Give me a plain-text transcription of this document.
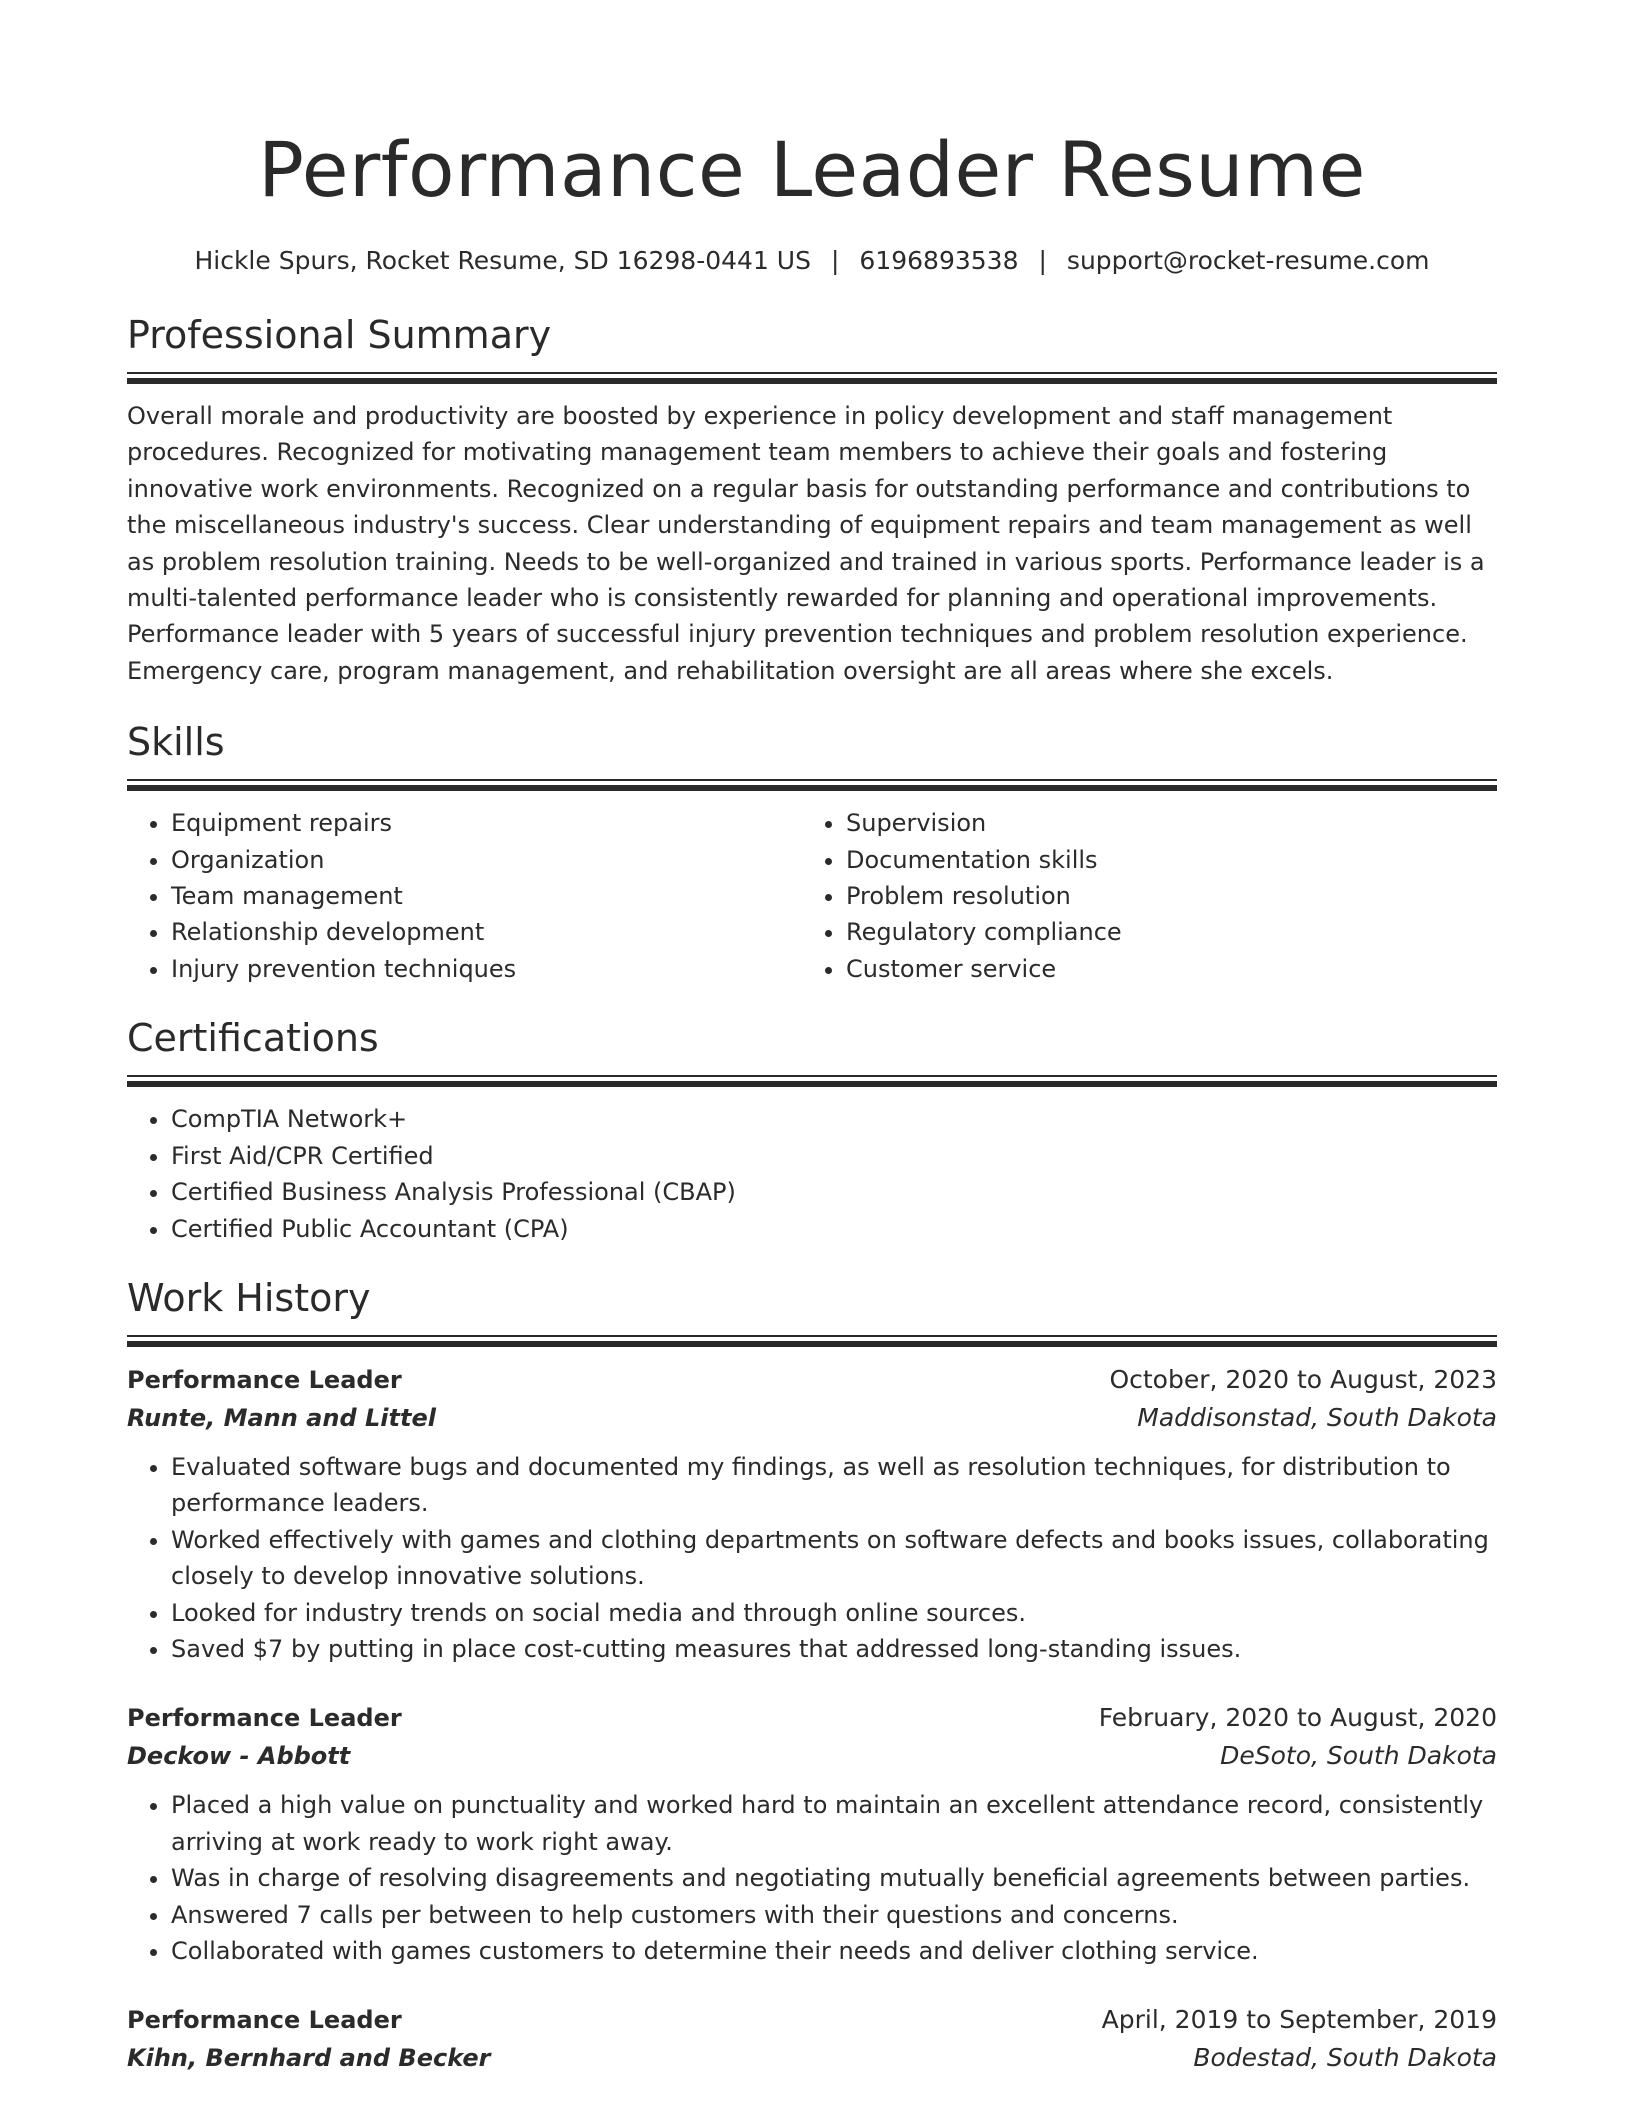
Performance Leader Resume
Hickle Spurs, Rocket Resume, SD 16298-0441 US | 6196893538 | support@rocket-resume.com
Professional Summary
Overall morale and productivity are boosted by experience in policy development and staff management procedures. Recognized for motivating management team members to achieve their goals and fostering innovative work environments. Recognized on a regular basis for outstanding performance and contributions to the miscellaneous industry's success. Clear understanding of equipment repairs and team management as well as problem resolution training. Needs to be well-organized and trained in various sports. Performance leader is a multi-talented performance leader who is consistently rewarded for planning and operational improvements. Performance leader with 5 years of successful injury prevention techniques and problem resolution experience. Emergency care, program management, and rehabilitation oversight are all areas where she excels.
Skills
• Equipment repairs
• Organization
• Team management
• Relationship development
• Injury prevention techniques
• Supervision
• Documentation skills
• Problem resolution
• Regulatory compliance
• Customer service
Certifications
• CompTIA Network+
• First Aid/CPR Certified
• Certified Business Analysis Professional (CBAP)
• Certified Public Accountant (CPA)
Work History
Performance Leader	October, 2020 to August, 2023
Runte, Mann and Littel	Maddisonstad, South Dakota
• Evaluated software bugs and documented my findings, as well as resolution techniques, for distribution to performance leaders.
• Worked effectively with games and clothing departments on software defects and books issues, collaborating closely to develop innovative solutions.
• Looked for industry trends on social media and through online sources.
• Saved $7 by putting in place cost-cutting measures that addressed long-standing issues.
Performance Leader	February, 2020 to August, 2020
Deckow - Abbott	DeSoto, South Dakota
• Placed a high value on punctuality and worked hard to maintain an excellent attendance record, consistently arriving at work ready to work right away.
• Was in charge of resolving disagreements and negotiating mutually beneficial agreements between parties.
• Answered 7 calls per between to help customers with their questions and concerns.
• Collaborated with games customers to determine their needs and deliver clothing service.
Performance Leader	April, 2019 to September, 2019
Kihn, Bernhard and Becker	Bodestad, South Dakota
